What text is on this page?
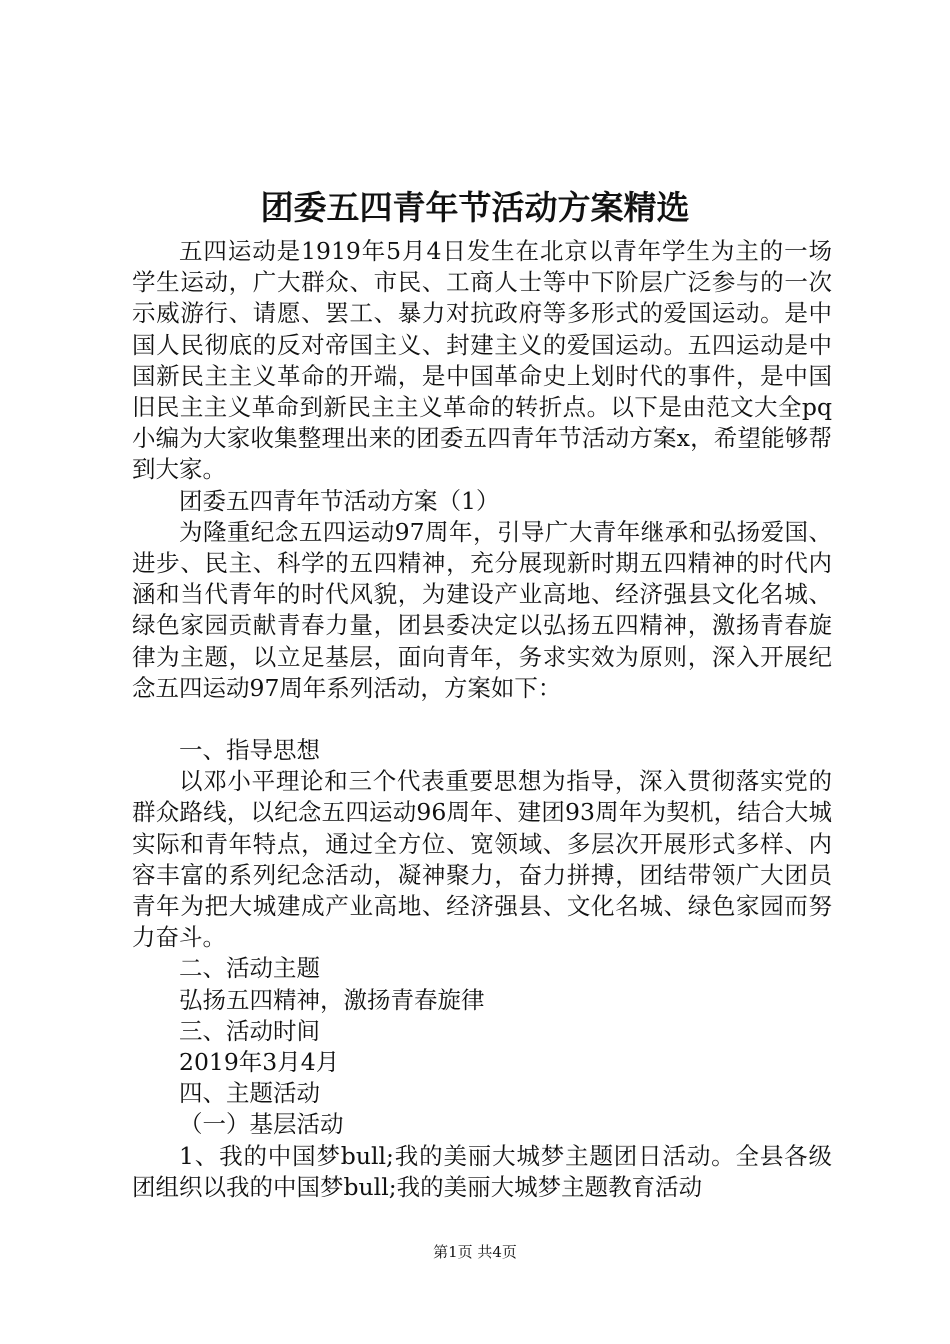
团委五四青年节活动方案精选

五四运动是1919年5月4日发生在北京以青年学生为主的一场学生运动，广大群众、市民、工商人士等中下阶层广泛参与的一次示威游行、请愿、罢工、暴力对抗政府等多形式的爱国运动。是中国人民彻底的反对帝国主义、封建主义的爱国运动。五四运动是中国新民主主义革命的开端，是中国革命史上划时代的事件，是中国旧民主主义革命到新民主主义革命的转折点。以下是由范文大全pq小编为大家收集整理出来的团委五四青年节活动方案x，希望能够帮到大家。

团委五四青年节活动方案（1）

为隆重纪念五四运动97周年，引导广大青年继承和弘扬爱国、进步、民主、科学的五四精神，充分展现新时期五四精神的时代内涵和当代青年的时代风貌，为建设产业高地、经济强县文化名城、绿色家园贡献青春力量，团县委决定以弘扬五四精神，激扬青春旋律为主题，以立足基层，面向青年，务求实效为原则，深入开展纪念五四运动97周年系列活动，方案如下：

一、指导思想

以邓小平理论和三个代表重要思想为指导，深入贯彻落实党的群众路线，以纪念五四运动96周年、建团93周年为契机，结合大城实际和青年特点，通过全方位、宽领域、多层次开展形式多样、内容丰富的系列纪念活动，凝神聚力，奋力拼搏，团结带领广大团员青年为把大城建成产业高地、经济强县、文化名城、绿色家园而努力奋斗。

二、活动主题

弘扬五四精神，激扬青春旋律

三、活动时间

2019年3月4月

四、主题活动

（一）基层活动

1、我的中国梦bull;我的美丽大城梦主题团日活动。全县各级团组织以我的中国梦bull;我的美丽大城梦主题教育活动

第1页 共4页
